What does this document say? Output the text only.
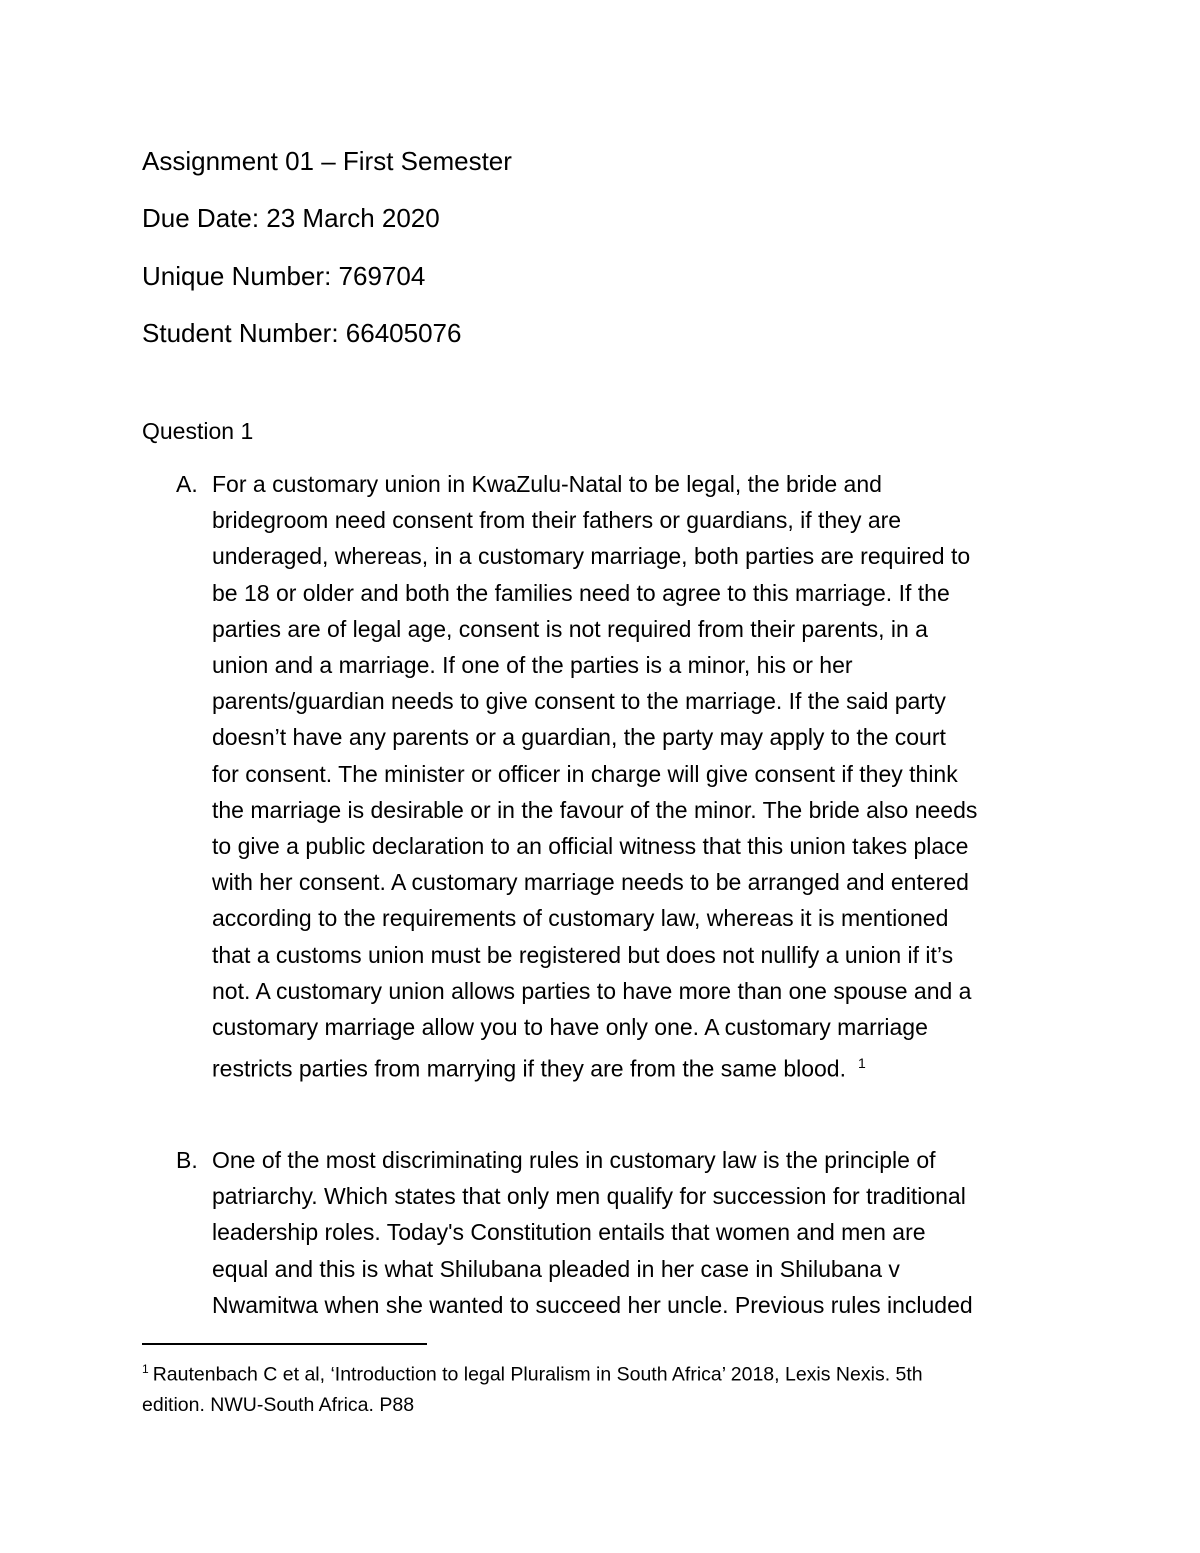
Assignment 01 – First Semester
Due Date: 23 March 2020
Unique Number: 769704
Student Number: 66405076
Question 1
A. For a customary union in KwaZulu-Natal to be legal, the bride and
bridegroom need consent from their fathers or guardians, if they are
underaged, whereas, in a customary marriage, both parties are required to
be 18 or older and both the families need to agree to this marriage. If the
parties are of legal age, consent is not required from their parents, in a
union and a marriage. If one of the parties is a minor, his or her
parents/guardian needs to give consent to the marriage. If the said party
doesn’t have any parents or a guardian, the party may apply to the court
for consent. The minister or officer in charge will give consent if they think
the marriage is desirable or in the favour of the minor. The bride also needs
to give a public declaration to an official witness that this union takes place
with her consent. A customary marriage needs to be arranged and entered
according to the requirements of customary law, whereas it is mentioned
that a customs union must be registered but does not nullify a union if it’s
not. A customary union allows parties to have more than one spouse and a
customary marriage allow you to have only one. A customary marriage
restricts parties from marrying if they are from the same blood. $^1$
B. One of the most discriminating rules in customary law is the principle of
patriarchy. Which states that only men qualify for succession for traditional
leadership roles. Today's Constitution entails that women and men are
equal and this is what Shilubana pleaded in her case in Shilubana v
Nwamitwa when she wanted to succeed her uncle. Previous rules included
$^1$ Rautenbach C et al, ‘Introduction to legal Pluralism in South Africa’ 2018, Lexis Nexis. 5th
edition. NWU-South Africa. P88
